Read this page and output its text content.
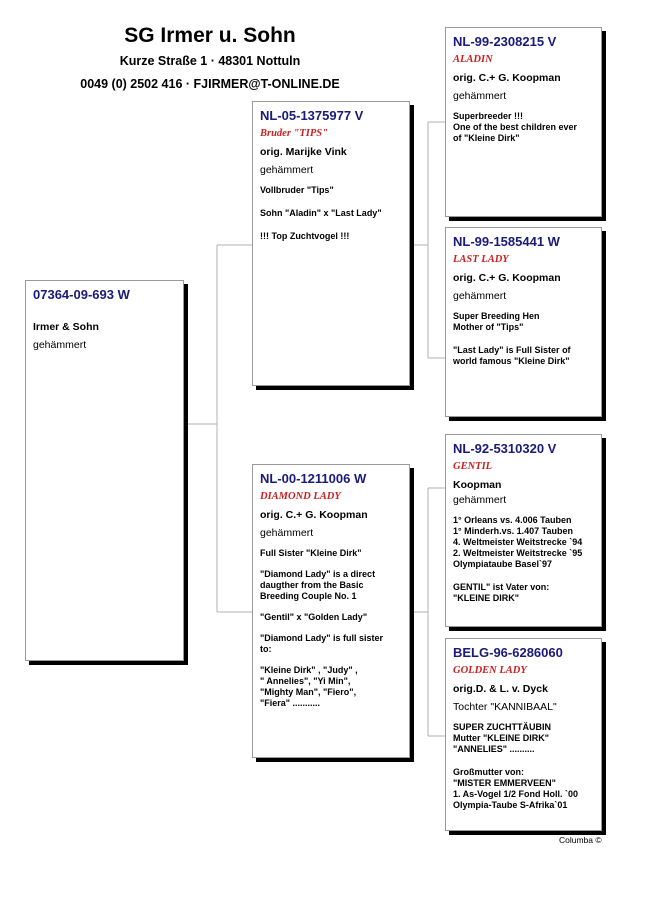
SG Irmer u. Sohn
Kurze Straße 1 · 48301 Nottuln
0049 (0) 2502 416 · FJIRMER@T-ONLINE.DE
07364-09-693 W
Irmer & Sohn
gehämmert
NL-05-1375977 V
Bruder "TIPS"
orig. Marijke Vink
gehämmert
Vollbruder "Tips"
Sohn "Aladin" x "Last Lady"
!!! Top Zuchtvogel !!!
NL-00-1211006 W
DIAMOND LADY
orig. C.+ G. Koopman
gehämmert
Full Sister "Kleine Dirk"
"Diamond Lady" is a direct
daugther from the Basic
Breeding Couple No. 1
"Gentil" x "Golden Lady"
"Diamond Lady" is full sister
to:
"Kleine Dirk" , "Judy" ,
" Annelies", "Yi Min",
"Mighty Man", "Fiero",
"Fiera" ...........
NL-99-2308215 V
ALADIN
orig. C.+ G. Koopman
gehämmert
Superbreeder !!!
One of the best children ever
of "Kleine Dirk"
NL-99-1585441 W
LAST LADY
orig. C.+ G. Koopman
gehämmert
Super Breeding Hen
Mother of "Tips"
"Last Lady" is Full Sister of
world famous "Kleine Dirk"
NL-92-5310320 V
GENTIL
Koopman
gehämmert
1° Orleans vs. 4.006 Tauben
1° Minderh.vs. 1.407 Tauben
4. Weltmeister Weitstrecke `94
2. Weltmeister Weitstrecke `95
Olympiataube Basel`97
GENTIL" ist Vater von:
"KLEINE DIRK"
BELG-96-6286060
GOLDEN LADY
orig.D. & L. v. Dyck
Tochter "KANNIBAAL"
SUPER ZUCHTTÄUBIN
Mutter "KLEINE DIRK"
"ANNELIES" ..........
Großmutter von:
"MISTER EMMERVEEN"
1. As-Vogel 1/2 Fond Holl. `00
Olympia-Taube S-Afrika`01
Columba ©
